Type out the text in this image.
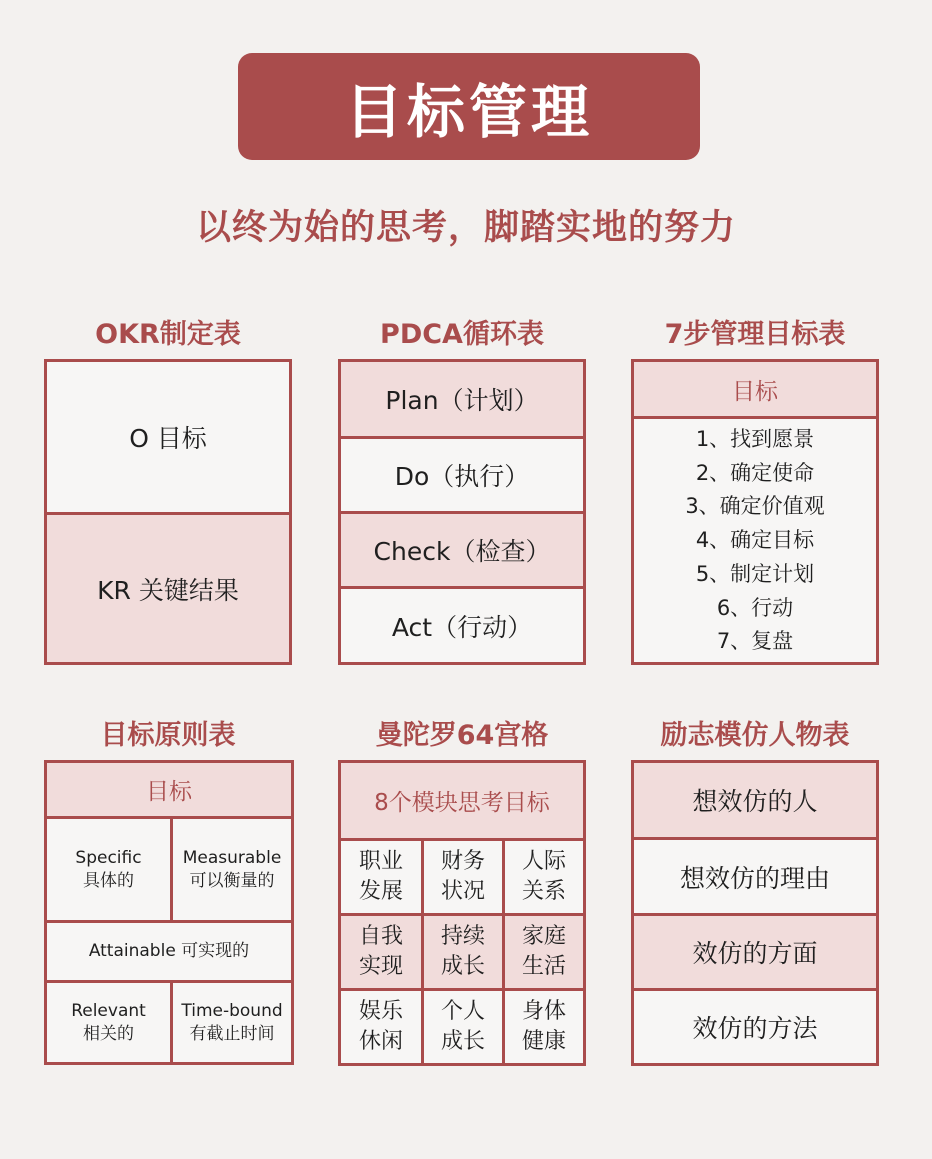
目标管理
以终为始的思考，脚踏实地的努力
OKR制定表
O 目标
KR 关键结果
PDCA循环表
Plan（计划）
Do（执行）
Check（检查）
Act（行动）
7步管理目标表
目标
1、找到愿景
2、确定使命
3、确定价值观
4、确定目标
5、制定计划
6、行动
7、复盘
目标原则表
目标
Specific
具体的
Measurable
可以衡量的
Attainable 可实现的
Relevant
相关的
Time-bound
有截止时间
曼陀罗64宫格
8个模块思考目标
职业
发展
财务
状况
人际
关系
自我
实现
持续
成长
家庭
生活
娱乐
休闲
个人
成长
身体
健康
励志模仿人物表
想效仿的人
想效仿的理由
效仿的方面
效仿的方法
